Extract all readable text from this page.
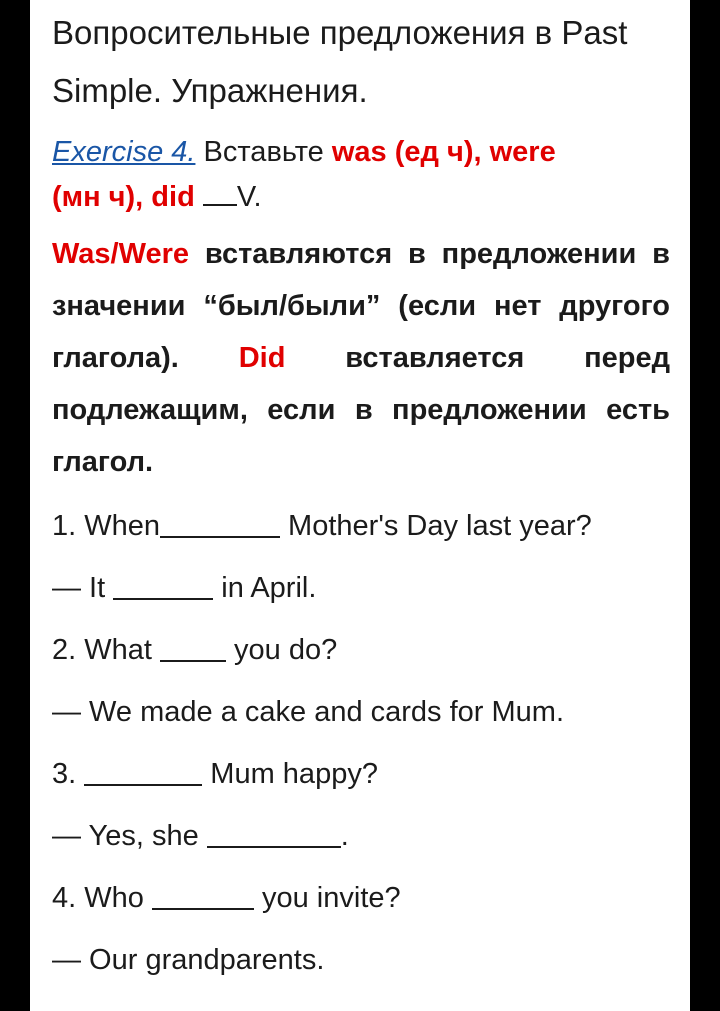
Вопросительные предложения в Past Simple. Упражнения.
Exercise 4. Вставьте was (ед ч), were
(мн ч), did V.
Was/Were вставляются в предложении в значении “был/были” (если нет другого глагола). Did вставляется перед подлежащим, если в предложении есть глагол.
1. When	Mother's Day last year?
— It	in April.
2. What you do?
— We made a cake and cards for Mum.
3.	Mum happy?
— Yes, she	.
4. Who	you invite?
— Our grandparents.
